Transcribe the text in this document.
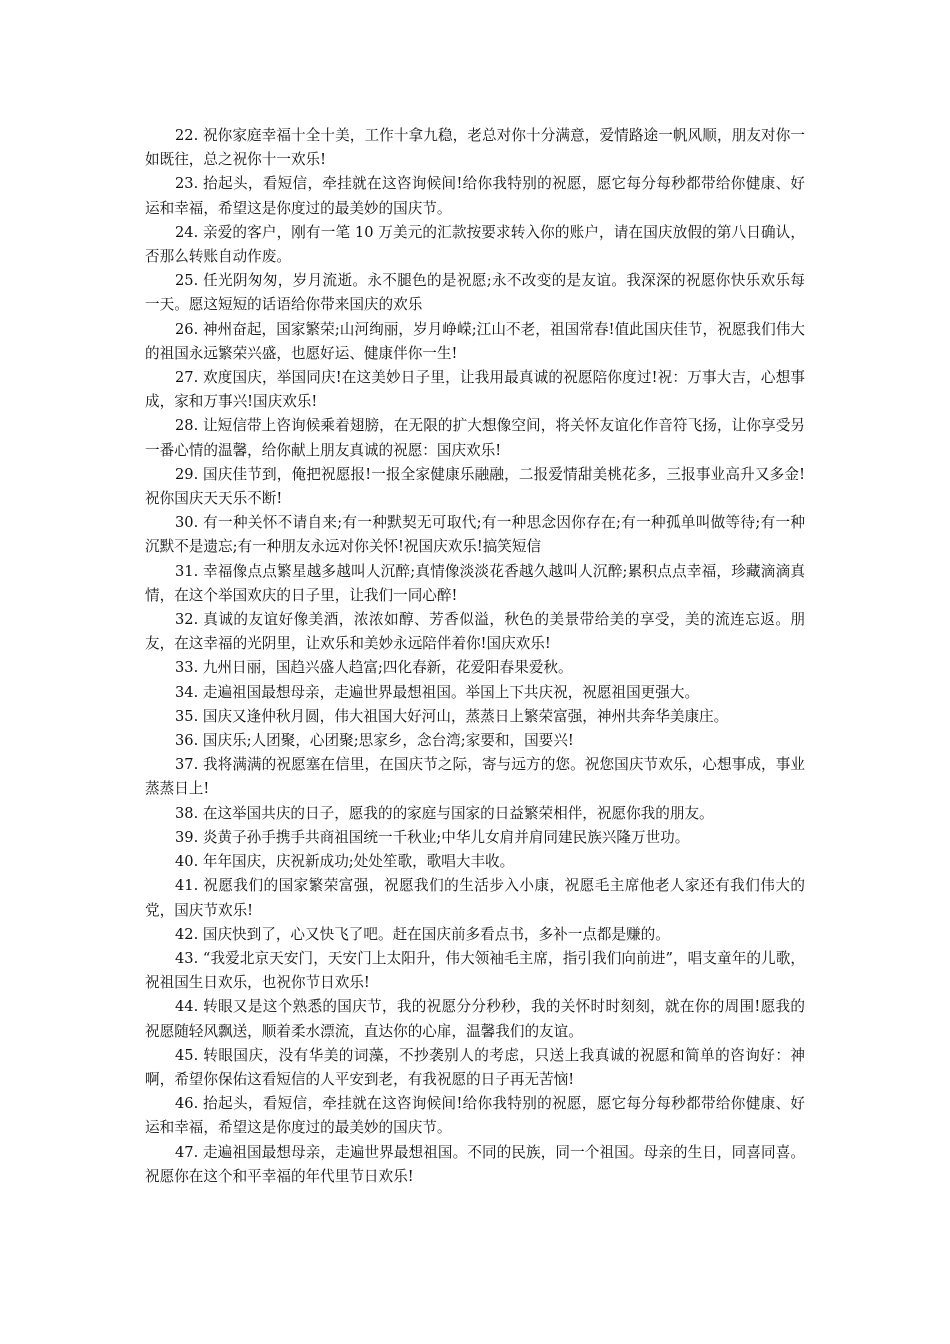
22. 祝你家庭幸福十全十美，工作十拿九稳，老总对你十分满意，爱情路途一帆风顺，朋友对你一如既往，总之祝你十一欢乐!

23. 抬起头，看短信，牵挂就在这咨询候间!给你我特别的祝愿，愿它每分每秒都带给你健康、好运和幸福，希望这是你度过的最美妙的国庆节。

24. 亲爱的客户，刚有一笔 10 万美元的汇款按要求转入你的账户，请在国庆放假的第八日确认，否那么转账自动作废。

25. 任光阴匆匆，岁月流逝。永不腿色的是祝愿;永不改变的是友谊。我深深的祝愿你快乐欢乐每一天。愿这短短的话语给你带来国庆的欢乐

26. 神州奋起，国家繁荣;山河绚丽，岁月峥嵘;江山不老，祖国常春!值此国庆佳节，祝愿我们伟大的祖国永远繁荣兴盛，也愿好运、健康伴你一生!

27. 欢度国庆，举国同庆!在这美妙日子里，让我用最真诚的祝愿陪你度过!祝：万事大吉，心想事成，家和万事兴!国庆欢乐!

28. 让短信带上咨询候乘着翅膀，在无限的扩大想像空间，将关怀友谊化作音符飞扬，让你享受另一番心情的温馨，给你献上朋友真诚的祝愿：国庆欢乐!

29. 国庆佳节到，俺把祝愿报!一报全家健康乐融融，二报爱情甜美桃花多，三报事业高升又多金!祝你国庆天天乐不断!

30. 有一种关怀不请自来;有一种默契无可取代;有一种思念因你存在;有一种孤单叫做等待;有一种沉默不是遗忘;有一种朋友永远对你关怀!祝国庆欢乐!搞笑短信

31. 幸福像点点繁星越多越叫人沉醉;真情像淡淡花香越久越叫人沉醉;累积点点幸福，珍藏滴滴真情，在这个举国欢庆的日子里，让我们一同心醉!

32. 真诚的友谊好像美酒，浓浓如醇、芳香似溢，秋色的美景带给美的享受，美的流连忘返。朋友，在这幸福的光阴里，让欢乐和美妙永远陪伴着你!国庆欢乐!

33. 九州日丽，国趋兴盛人趋富;四化春新，花爱阳春果爱秋。

34. 走遍祖国最想母亲，走遍世界最想祖国。举国上下共庆祝，祝愿祖国更强大。

35. 国庆又逢仲秋月圆，伟大祖国大好河山，蒸蒸日上繁荣富强，神州共奔华美康庄。

36. 国庆乐;人团聚，心团聚;思家乡，念台湾;家要和，国要兴!

37. 我将满满的祝愿塞在信里，在国庆节之际，寄与远方的您。祝您国庆节欢乐，心想事成，事业蒸蒸日上!

38. 在这举国共庆的日子，愿我的的家庭与国家的日益繁荣相伴，祝愿你我的朋友。

39. 炎黄子孙手携手共商祖国统一千秋业;中华儿女肩并肩同建民族兴隆万世功。

40. 年年国庆，庆祝新成功;处处笙歌，歌唱大丰收。

41. 祝愿我们的国家繁荣富强，祝愿我们的生活步入小康，祝愿毛主席他老人家还有我们伟大的党，国庆节欢乐!

42. 国庆快到了，心又快飞了吧。赶在国庆前多看点书，多补一点都是赚的。

43. “我爱北京天安门，天安门上太阳升，伟大领袖毛主席，指引我们向前进”，唱支童年的儿歌，祝祖国生日欢乐，也祝你节日欢乐!

44. 转眼又是这个熟悉的国庆节，我的祝愿分分秒秒，我的关怀时时刻刻，就在你的周围!愿我的祝愿随轻风飘送，顺着柔水漂流，直达你的心扉，温馨我们的友谊。

45. 转眼国庆，没有华美的词藻，不抄袭别人的考虑，只送上我真诚的祝愿和简单的咨询好：神啊，希望你保佑这看短信的人平安到老，有我祝愿的日子再无苦恼!

46. 抬起头，看短信，牵挂就在这咨询候间!给你我特别的祝愿，愿它每分每秒都带给你健康、好运和幸福，希望这是你度过的最美妙的国庆节。

47. 走遍祖国最想母亲，走遍世界最想祖国。不同的民族，同一个祖国。母亲的生日，同喜同喜。祝愿你在这个和平幸福的年代里节日欢乐!
